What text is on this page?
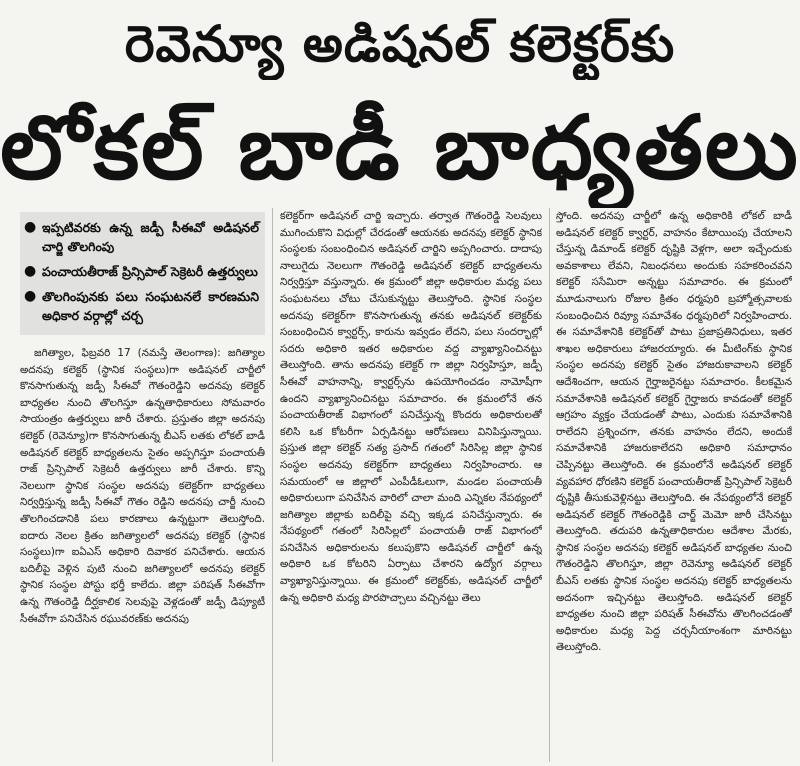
రెవెన్యూ అడిషనల్ కలెక్టర్‌కు
లోకల్ బాడీ బాధ్యతలు
● ఇప్పటివరకు ఉన్న జడ్పీ సీఈవో అడిషనల్ చార్జి తొలగింపు
● పంచాయతీరాజ్ ప్రిన్సిపాల్ సెక్రెటరీ ఉత్తర్వులు
● తొలగింపునకు పలు సంఘటనలే కారణమని అధికార వర్గాల్లో చర్చ

జగిత్యాల, ఫిబ్రవరి 17 (నమస్తే తెలంగాణ): జగిత్యాల అదనపు కలెక్టర్ (స్థానిక సంస్థలు)గా అడిషనల్ చార్జీలో కొనసాగుతున్న జడ్పీ సీఈవో గౌతంరెడ్డిని అదనపు కలెక్టర్ బాధ్యతల నుంచి తొలగిస్తూ ఉన్నతాధికారులు సోమవారం సాయంత్రం ఉత్తర్వులు జారీ చేశారు. ప్రస్తుతం జిల్లా అదనపు కలెక్టర్ (రెవెన్యూ)గా కొనసాగుతున్న బీఎస్ లతకు లోకల్ బాడీ అడిషనల్ కలెక్టర్ బాధ్యతలను సైతం అప్పగిస్తూ పంచాయతీ రాజ్ ప్రిన్సిపాల్ సెక్రెటరీ ఉత్తర్వులు జారీ చేశారు. కొన్ని నెలలుగా స్థానిక సంస్థల అదనపు కలెక్టర్‌గా బాధ్యతలు నిర్వర్తిస్తున్న జడ్పీ సీఈవో గౌతం రెడ్డిని అదనపు చార్జీ నుంచి తొలగించడానికి పలు కారణాలు ఉన్నట్టుగా తెలుస్తోంది. ఐదారు నెలల క్రితం జగిత్యాలలో అదనపు కలెక్టర్ (స్థానిక సంస్థలు)గా ఐఏఎస్ అధికారి దివాకర పనిచేశారు. ఆయన బదిలీపై వెళ్లిన పుటి నుంచి జగిత్యాలలో అదనపు కలెక్టర్ స్థానిక సంస్థల పోస్టు భర్తీ కాలేదు. జిల్లా పరిషత్ సీఈవోగా ఉన్న గౌతంరెడ్డి దీర్ఘకాలిక సెలవుపై వెళ్లడంతో జడ్పీ డిప్యూటీ సీఈవోగా పనిచేసిన రఘువరణ్‌కు అదనపు

కలెక్టర్‌గా అడిషనల్ చార్జి ఇచ్చారు. తర్వాత గౌతంరెడ్డి సెలవులు ముగించుకొని విధుల్లో చేరడంతో ఆయనకు అదనపు కలెక్టర్ స్థానిక సంస్థలకు సంబంధించిన అడిషనల్ చార్జిని అప్పగించారు. దాదాపు నాలుగైదు నెలలుగా గౌతంరెడ్డి అడిషనల్ కలెక్టర్ బాధ్యతలను నిర్వర్తిస్తూ వస్తున్నారు. ఈ క్రమంలో జిల్లా అధికారుల మధ్య పలు సంఘటనలు చోటు చేసుకున్నట్టు తెలుస్తోంది. స్థానిక సంస్థల అదనపు కలెక్టర్‌గా కొనసాగుతున్న తనకు అడిషనల్ కలెక్టర్‌కు సంబంధించిన క్వార్టర్స్, కారును ఇవ్వడం లేదని, పలు సందర్భాల్లో సదరు అధికారి ఇతర అధికారుల వద్ద వ్యాఖ్యానించినట్టు తెలుస్తోంది. తాను అదనపు కలెక్టర్ గా జిల్లా నిర్వహిస్తూ, జడ్పీ సీఈవో వాహనాన్ని, క్వార్టర్స్‌ను ఉపయోగించడం నామోషీగా ఉందని వ్యాఖ్యానించినట్టు సమాచారం. ఈ క్రమంలోనే తన పంచాయతీరాజ్ విభాగంలో పనిచేస్తున్న కొందరు అధికారులతో కలిసి ఒక కోటరీగా ఏర్పడినట్టు ఆరోపణలు వినిపిస్తున్నాయి. ప్రస్తుత జిల్లా కలెక్టర్ సత్య ప్రసాద్ గతంలో సిరిసిల్ల జిల్లా స్థానిక సంస్థల అదనపు కలెక్టర్‌గా బాధ్యతలు నిర్వహించారు. ఆ సమయంలో ఆ జిల్లాలో ఎంపీడీఓలుగా, మండల పంచాయతీ అధికారులుగా పనిచేసిన వారిలో చాలా మంది ఎన్నికల నేపథ్యంలో జగిత్యాల జిల్లాకు బదిలీపై వచ్చి ఇక్కడ పనిచేస్తున్నారు. ఈ నేపథ్యంలో గతంలో సిరిసిల్లలో పంచాయతీ రాజ్ విభాగంలో పనిచేసిన అధికారులను కలుపుకొని అడిషనల్ చార్జీలో ఉన్న అధికారి ఒక కోటరిని ఏర్పాటు చేశారని ఉద్యోగ వర్గాలు వ్యాఖ్యానిస్తున్నాయి. ఈ క్రమంలో కలెక్టర్‌కు, అడిషనల్ చార్జీలో ఉన్న అధికారి మధ్య పొరపొచ్చాలు వచ్చినట్టు తెలు

స్తోంది. అదనపు చార్జీలో ఉన్న అధికారికి లోకల్ బాడీ అడిషనల్ కలెక్టర్ క్వార్టర్, వాహనం కేటాయింపు చేయాలని చేస్తున్న డిమాండ్ కలెక్టర్ దృష్టికి వెళ్లగా, అలా ఇచ్చేందుకు అవకాశాలు లేవని, నిబంధనలు అందుకు సహకరించవని కలెక్టర్ ససేమిరా అన్నట్టు సమాచారం. ఈ క్రమంలో మూడునాలుగు రోజుల క్రితం ధర్మపురి బ్రహ్మోత్సవాలకు సంబంధించిన రివ్యూ సమావేశం ధర్మపురిలో నిర్వహించారు. ఈ సమావేశానికి కలెక్టర్‌తో పాటు ప్రజాప్రతినిధులు, ఇతర శాఖల అధికారులు హాజరయ్యారు. ఈ మీటింగ్‌కు స్థానిక సంస్థల అదనపు కలెక్టర్ సైతం హాజరుకావాలని కలెక్టర్ ఆదేశించగా, ఆయన గైర్హాజరైనట్టు సమాచారం. కీలకమైన సమావేశానికి అడిషనల్ కలెక్టర్ గైర్హాజరు కావడంతో కలెక్టర్ ఆగ్రహం వ్యక్తం చేయడంతో పాటు, ఎందుకు సమావేశానికి రాలేదని ప్రశ్నించగా, తనకు వాహనం లేదని, అందుకే సమావేశానికి హాజరుకాలేదని అధికారి సమాధానం చెప్పినట్టు తెలుస్తోంది. ఈ క్రమంలోనే అడిషనల్ కలెక్టర్ వ్యవహార ధోరణిని కలెక్టర్ పంచాయతీరాజ్ ప్రిన్సిపాల్ సెక్రెటరీ దృష్టికి తీసుకువెళ్లినట్టు తెలుస్తోంది. ఈ నేపథ్యంలోనే కలెక్టర్ అడిషనల్ కలెక్టర్ గౌతంరెడ్డికి చార్జ్ మెమో జారీ చేసినట్టు తెలుస్తోంది. తదుపరి ఉన్నతాధికారుల ఆదేశాల మేరకు, స్థానిక సంస్థల అదనపు కలెక్టర్ అడిషనల్ బాధ్యతల నుంచి గౌతంరెడ్డిని తొలగిస్తూ, జిల్లా రెవెన్యూ అడిషనల్ కలెక్టర్ బీఎస్ లతకు స్థానిక సంస్థల అదనపు కలెక్టర్ బాధ్యతలను అదనంగా ఇచ్చినట్టు తెలుస్తోంది. అడిషనల్ కలెక్టర్ బాధ్యతల నుంచి జిల్లా పరిషత్ సీఈవోను తొలగించడంతో అధికారుల మధ్య పెద్ద చర్చనీయాంశంగా మారినట్టు తెలుస్తోంది.
